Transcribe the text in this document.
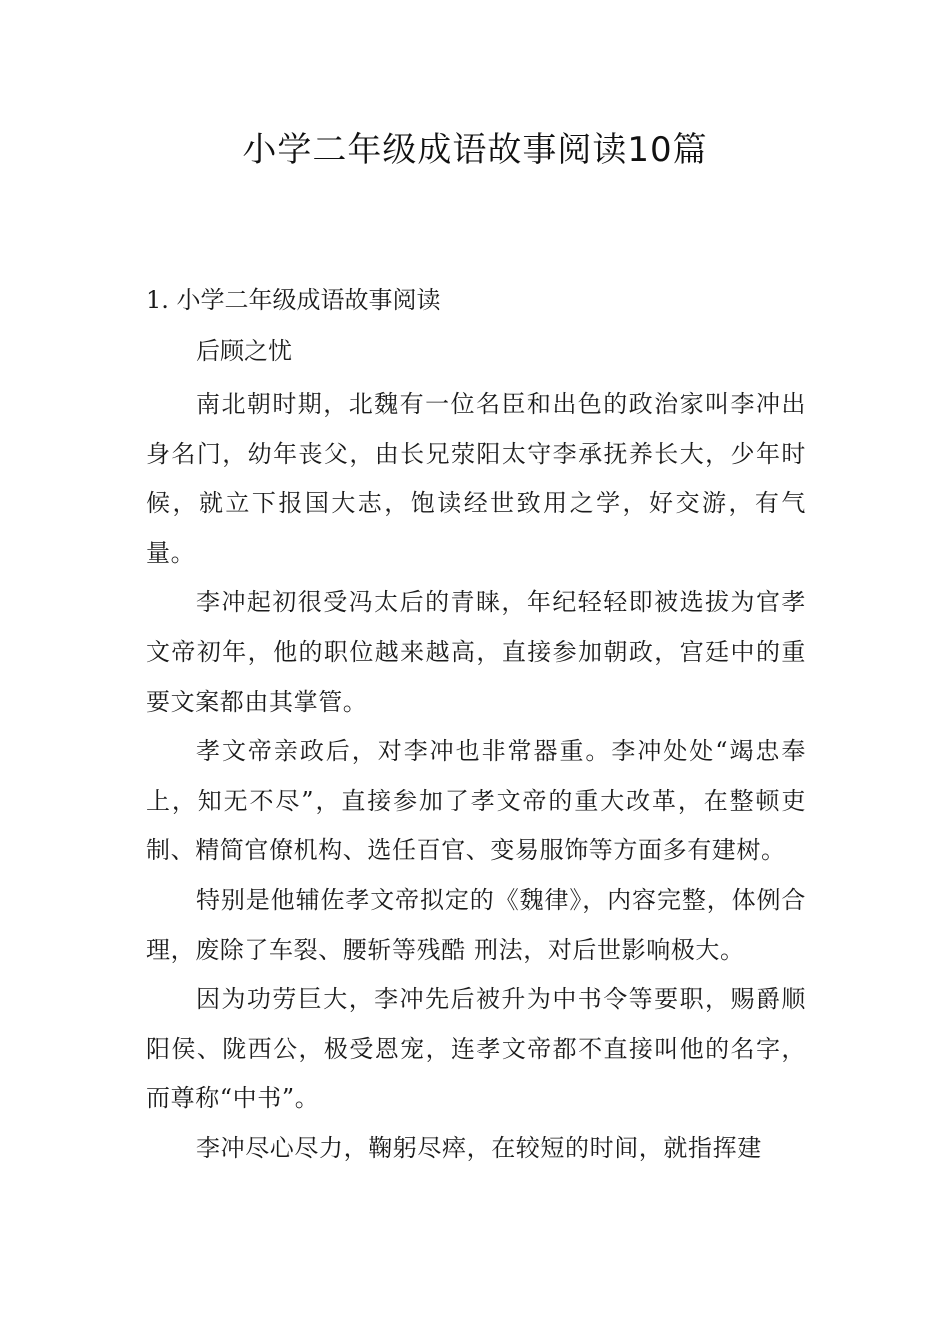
小学二年级成语故事阅读10篇
1. 小学二年级成语故事阅读

后顾之忧

南北朝时期，北魏有一位名臣和出色的政治家叫李冲出身名门，幼年丧父，由长兄荥阳太守李承抚养长大，少年时候，就立下报国大志，饱读经世致用之学，好交游，有气量。

李冲起初很受冯太后的青睐，年纪轻轻即被选拔为官孝文帝初年，他的职位越来越高，直接参加朝政，宫廷中的重要文案都由其掌管。

孝文帝亲政后，对李冲也非常器重。李冲处处“竭忠奉上，知无不尽”，直接参加了孝文帝的重大改革，在整顿吏制、精简官僚机构、选任百官、变易服饰等方面多有建树。

特别是他辅佐孝文帝拟定的《魏律》，内容完整，体例合理，废除了车裂、腰斩等残酷 刑法，对后世影响极大。

因为功劳巨大，李冲先后被升为中书令等要职，赐爵顺阳侯、陇西公，极受恩宠，连孝文帝都不直接叫他的名字，而尊称“中书”。

李冲尽心尽力，鞠躬尽瘁，在较短的时间，就指挥建
